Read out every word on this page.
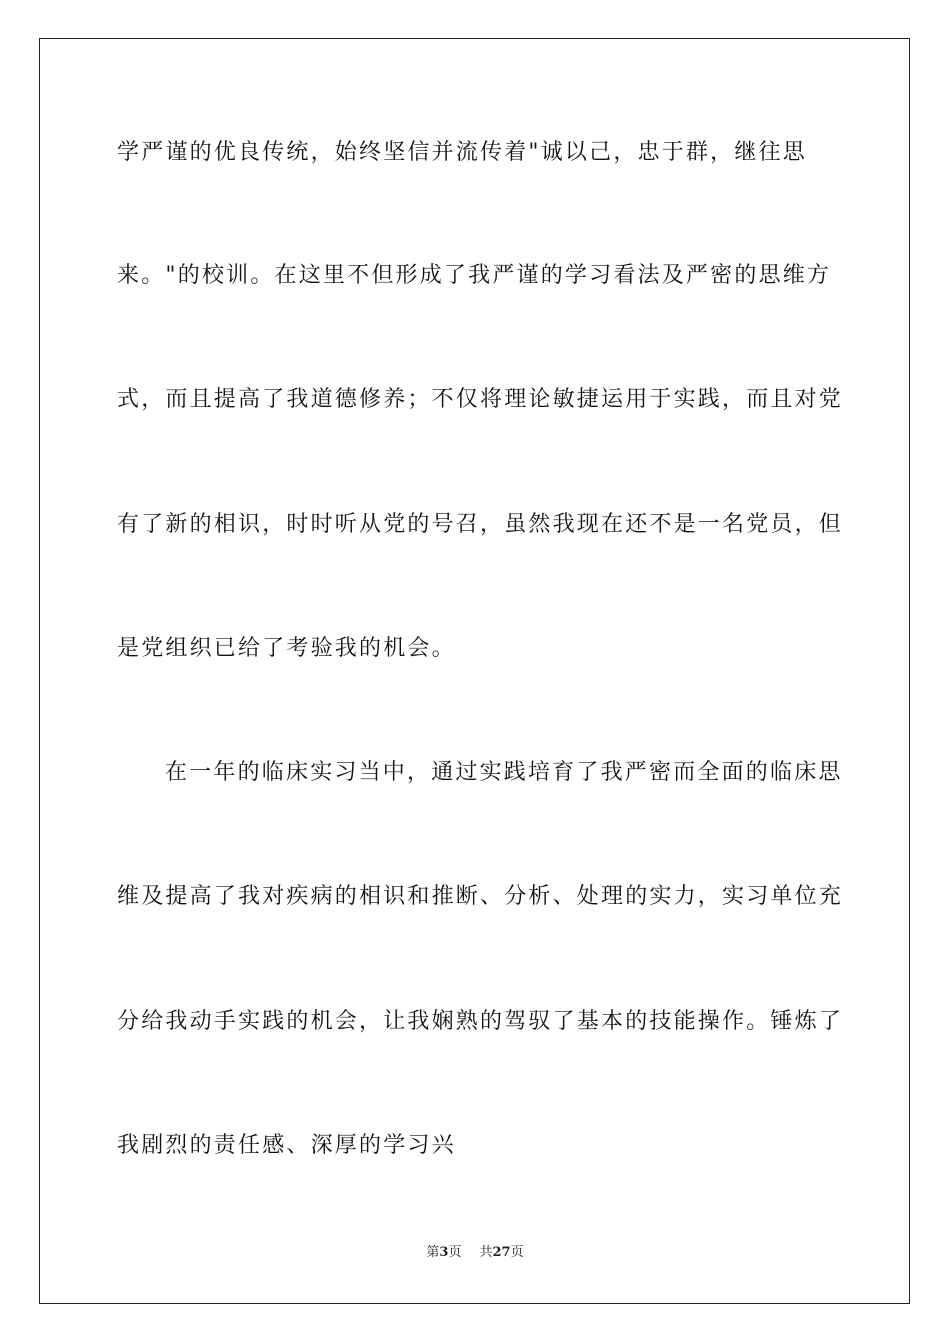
学严谨的优良传统，始终坚信并流传着"诚以己，忠于群，继往思
来。"的校训。在这里不但形成了我严谨的学习看法及严密的思维方
式，而且提高了我道德修养；不仅将理论敏捷运用于实践，而且对党
有了新的相识，时时听从党的号召，虽然我现在还不是一名党员，但
是党组织已给了考验我的机会。
在一年的临床实习当中，通过实践培育了我严密而全面的临床思
维及提高了我对疾病的相识和推断、分析、处理的实力，实习单位充
分给我动手实践的机会，让我娴熟的驾驭了基本的技能操作。锤炼了
我剧烈的责任感、深厚的学习兴
第3页 共27页
